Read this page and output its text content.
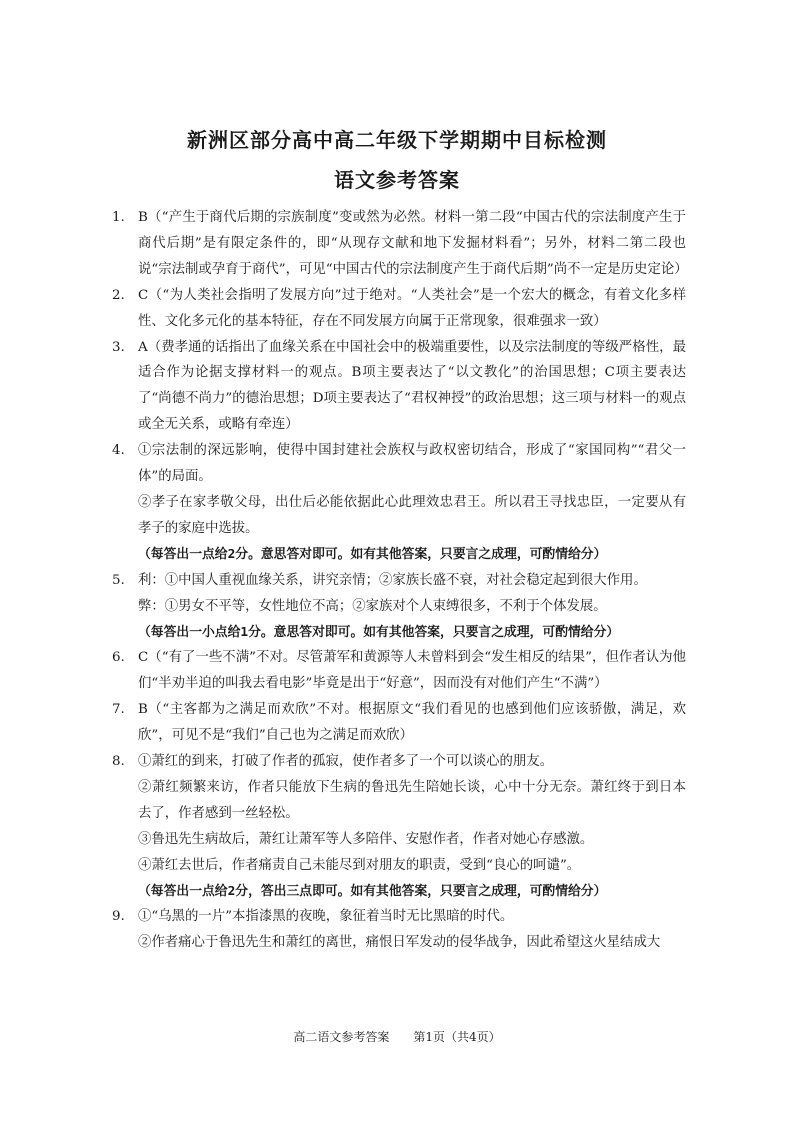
新洲区部分高中高二年级下学期期中目标检测
语文参考答案
1. B（“产生于商代后期的宗族制度”变或然为必然。材料一第二段“中国古代的宗法制度产生于商代后期”是有限定条件的，即“从现存文献和地下发掘材料看”；另外，材料二第二段也说“宗法制或孕育于商代”，可见“中国古代的宗法制度产生于商代后期”尚不一定是历史定论）
2. C（“为人类社会指明了发展方向”过于绝对。“人类社会”是一个宏大的概念，有着文化多样性、文化多元化的基本特征，存在不同发展方向属于正常现象，很难强求一致）
3. A（费孝通的话指出了血缘关系在中国社会中的极端重要性，以及宗法制度的等级严格性，最适合作为论据支撑材料一的观点。B项主要表达了“以文教化”的治国思想；C项主要表达了“尚德不尚力”的德治思想；D项主要表达了“君权神授”的政治思想；这三项与材料一的观点或全无关系，或略有牵连）
4. ①宗法制的深远影响，使得中国封建社会族权与政权密切结合，形成了“家国同构”“君父一体”的局面。
②孝子在家孝敬父母，出仕后必能依据此心此理效忠君王。所以君王寻找忠臣，一定要从有孝子的家庭中选拔。
（每答出一点给2分。意思答对即可。如有其他答案，只要言之成理，可酌情给分）
5. 利：①中国人重视血缘关系，讲究亲情；②家族长盛不衰，对社会稳定起到很大作用。
弊：①男女不平等，女性地位不高；②家族对个人束缚很多，不利于个体发展。
（每答出一小点给1分。意思答对即可。如有其他答案，只要言之成理，可酌情给分）
6. C（“有了一些不满”不对。尽管萧军和黄源等人未曾料到会“发生相反的结果”，但作者认为他们“半劝半迫的叫我去看电影”毕竟是出于“好意”，因而没有对他们产生“不满”）
7. B（“主客都为之满足而欢欣”不对。根据原文“我们看见的也感到他们应该骄傲，满足，欢欣”，可见不是“我们”自己也为之满足而欢欣）
8. ①萧红的到来，打破了作者的孤寂，使作者多了一个可以谈心的朋友。
②萧红频繁来访，作者只能放下生病的鲁迅先生陪她长谈，心中十分无奈。萧红终于到日本去了，作者感到一丝轻松。
③鲁迅先生病故后，萧红让萧军等人多陪伴、安慰作者，作者对她心存感激。
④萧红去世后，作者痛责自己未能尽到对朋友的职责，受到“良心的呵谴”。
（每答出一点给2分，答出三点即可。如有其他答案，只要言之成理，可酌情给分）
9. ①“乌黑的一片”本指漆黑的夜晚，象征着当时无比黑暗的时代。
②作者痛心于鲁迅先生和萧红的离世，痛恨日军发动的侵华战争，因此希望这火星结成大
高二语文参考答案　　第1页（共4页）
